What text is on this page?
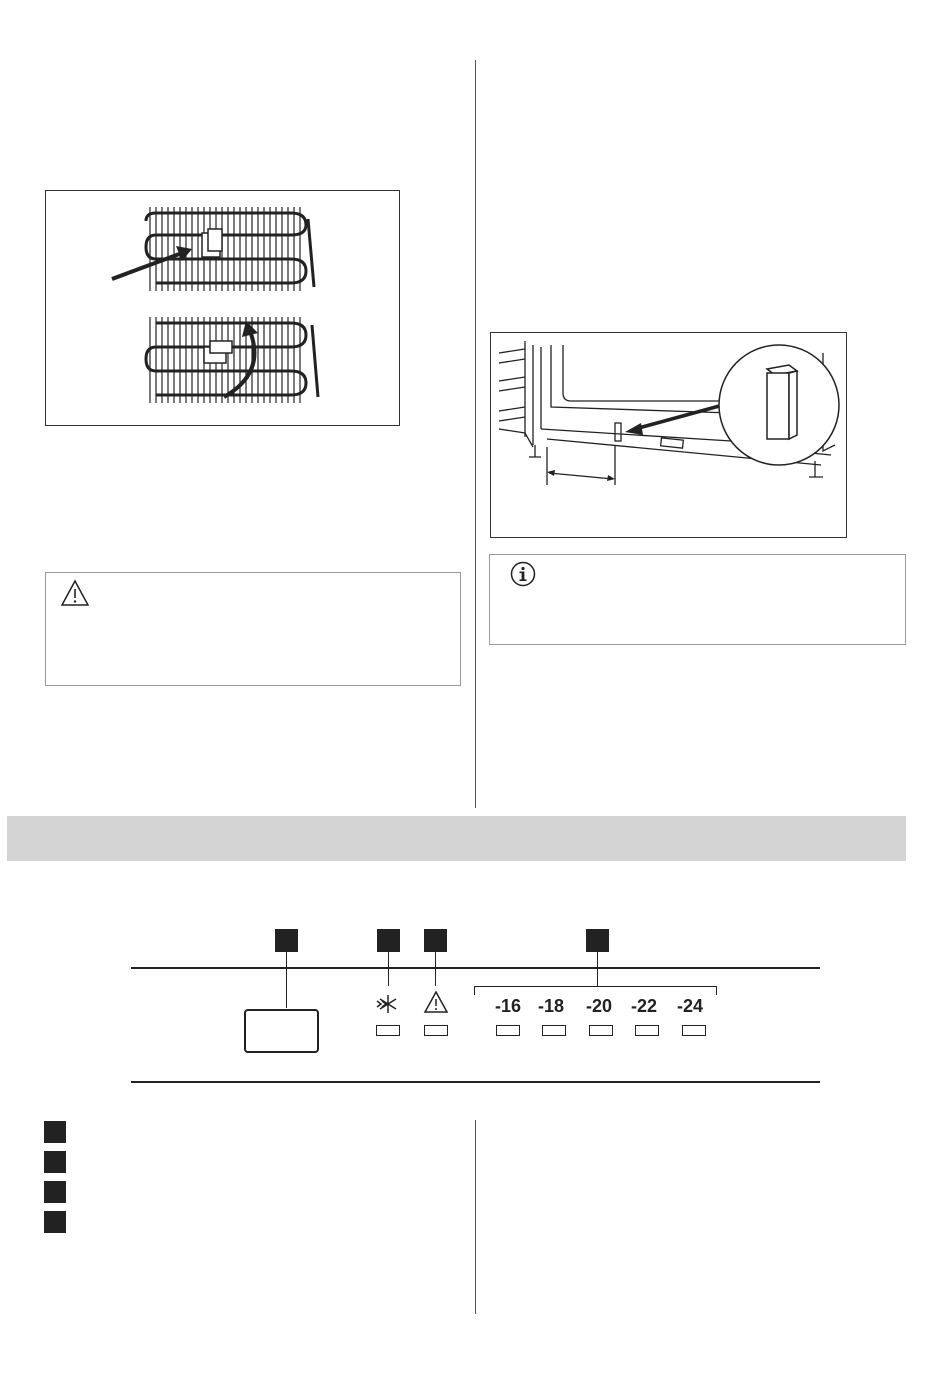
-16 -18	-20	-22	-24
